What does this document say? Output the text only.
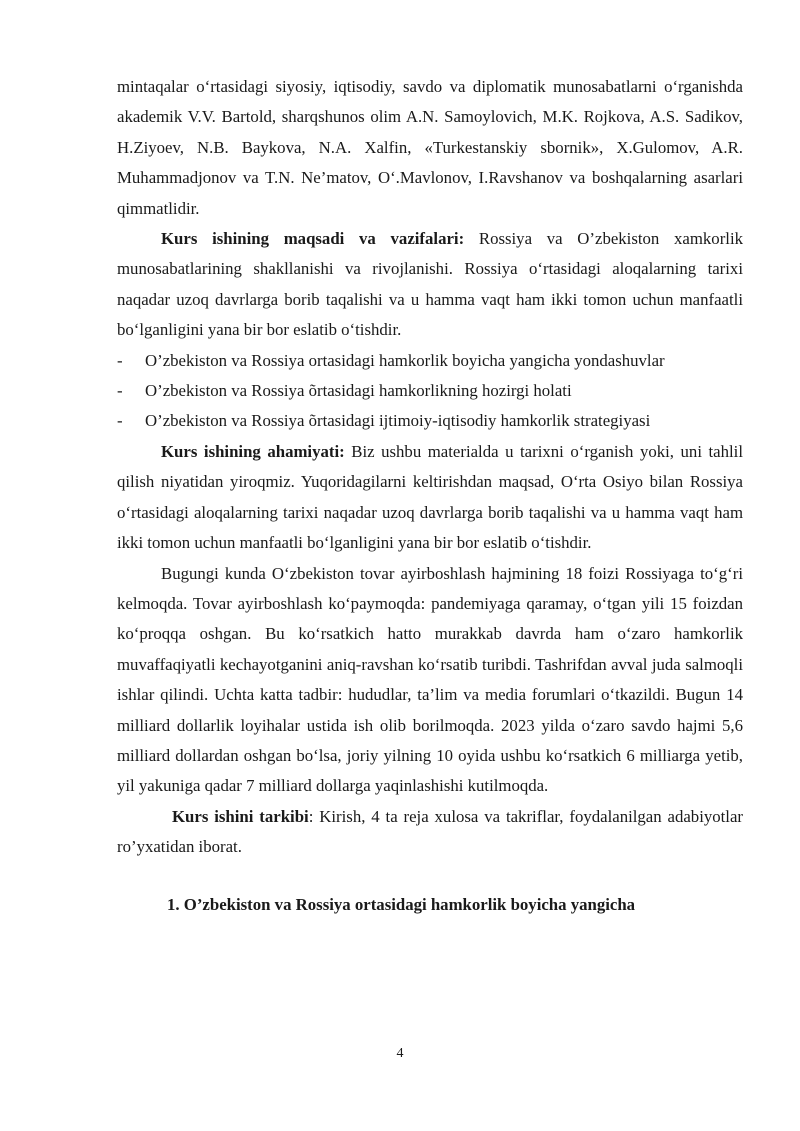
mintaqalar o‘rtasidagi siyosiy, iqtisodiy, savdo va diplomatik munosabatlarni o‘rganishda akademik V.V. Bartold, sharqshunos olim A.N. Samoylovich, M.K. Rojkova, A.S. Sadikov, H.Ziyoev, N.B. Baykova, N.A. Xalfin, «Turkestanskiy sbornik», X.Gulomov, A.R. Muhammadjonov va T.N. Ne’matov, O‘.Mavlonov, I.Ravshanov va boshqalarning asarlari qimmatlidir.

Kurs ishining maqsadi va vazifalari: Rossiya va O’zbekiston xamkorlik munosabatlarining shakllanishi va rivojlanishi. Rossiya o‘rtasidagi aloqalarning tarixi naqadar uzoq davrlarga borib taqalishi va u hamma vaqt ham ikki tomon uchun manfaatli bo‘lganligini yana bir bor eslatib o‘tishdir.

- O’zbekiston va Rossiya ortasidagi hamkorlik boyicha yangicha yondashuvlar
- O’zbekiston va Rossiya õrtasidagi hamkorlikning hozirgi holati
- O’zbekiston va Rossiya õrtasidagi ijtimoiy-iqtisodiy hamkorlik strategiyasi

Kurs ishining ahamiyati: Biz ushbu materialda u tarixni o‘rganish yoki, uni tahlil qilish niyatidan yiroqmiz. Yuqoridagilarni keltirishdan maqsad, O‘rta Osiyo bilan Rossiya o‘rtasidagi aloqalarning tarixi naqadar uzoq davrlarga borib taqalishi va u hamma vaqt ham ikki tomon uchun manfaatli bo‘lganligini yana bir bor eslatib o‘tishdir.

Bugungi kunda O‘zbekiston tovar ayirboshlash hajmining 18 foizi Rossiyaga to‘g‘ri kelmoqda. Tovar ayirboshlash ko‘paymoqda: pandemiyaga qaramay, o‘tgan yili 15 foizdan ko‘proqqa oshgan. Bu ko‘rsatkich hatto murakkab davrda ham o‘zaro hamkorlik muvaffaqiyatli kechayotganini aniq-ravshan ko‘rsatib turibdi. Tashrifdan avval juda salmoqli ishlar qilindi. Uchta katta tadbir: hududlar, ta’lim va media forumlari o‘tkazildi. Bugun 14 milliard dollarlik loyihalar ustida ish olib borilmoqda. 2023 yilda o‘zaro savdo hajmi 5,6 milliard dollardan oshgan bo‘lsa, joriy yilning 10 oyida ushbu ko‘rsatkich 6 milliarga yetib, yil yakuniga qadar 7 milliard dollarga yaqinlashishi kutilmoqda.

Kurs ishini tarkibi: Kirish, 4 ta reja xulosa va takriflar, foydalanilgan adabiyotlar ro’yxatidan iborat.

1. O’zbekiston va Rossiya ortasidagi hamkorlik boyicha yangicha

4
